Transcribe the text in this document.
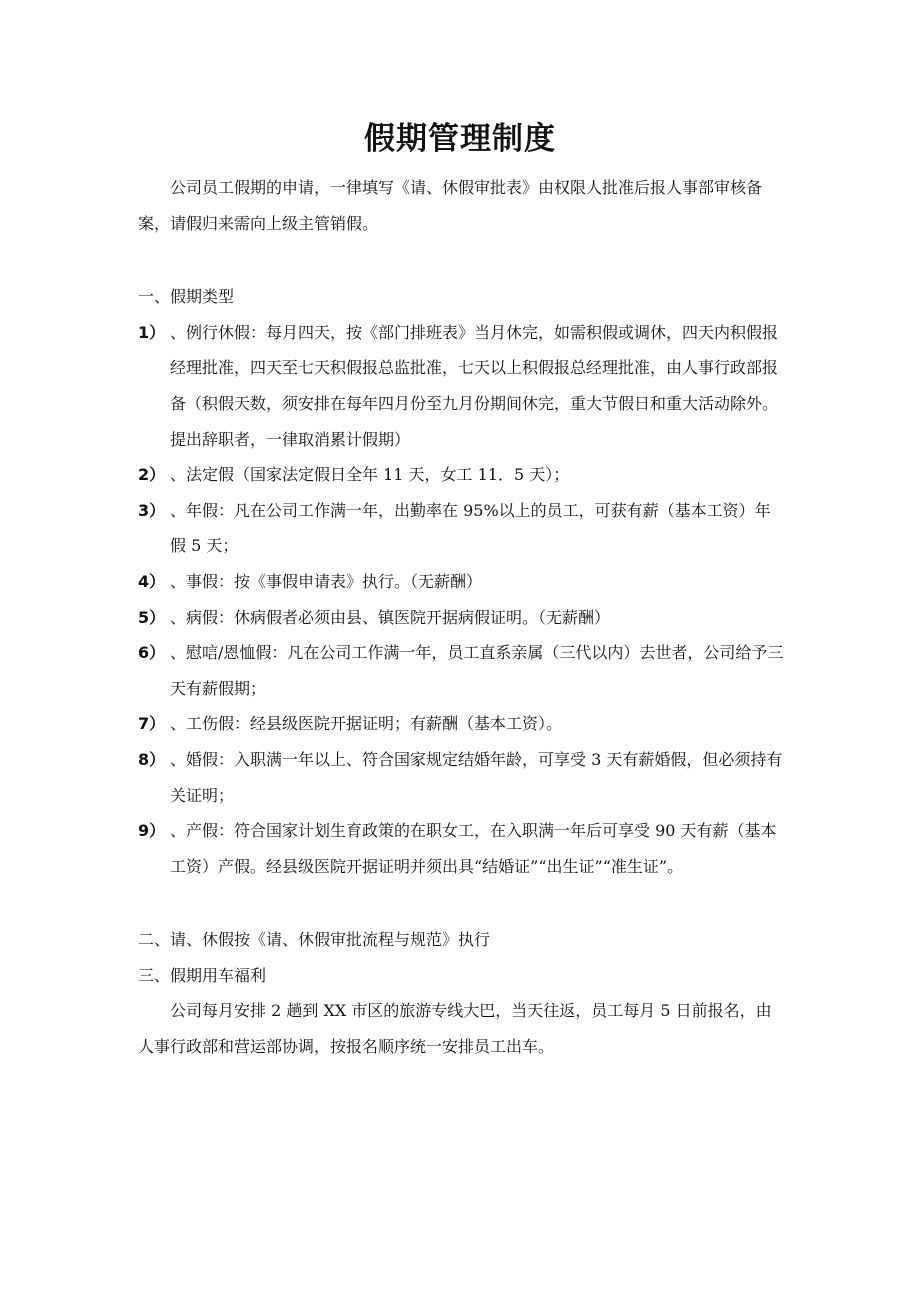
假期管理制度

公司员工假期的申请，一律填写《请、休假审批表》由权限人批准后报人事部审核备案，请假归来需向上级主管销假。

一、假期类型

1） 、例行休假：每月四天，按《部门排班表》当月休完，如需积假或调休，四天内积假报经理批准，四天至七天积假报总监批准，七天以上积假报总经理批准，由人事行政部报备（积假天数，须安排在每年四月份至九月份期间休完，重大节假日和重大活动除外。提出辞职者，一律取消累计假期）
2） 、法定假（国家法定假日全年 11 天，女工 11．5 天）；
3） 、年假：凡在公司工作满一年，出勤率在 95%以上的员工，可获有薪（基本工资）年假 5 天；
4） 、事假：按《事假申请表》执行。（无薪酬）
5） 、病假：休病假者必须由县、镇医院开据病假证明。（无薪酬）
6） 、慰唁/恩恤假：凡在公司工作满一年，员工直系亲属（三代以内）去世者，公司给予三天有薪假期；
7） 、工伤假：经县级医院开据证明；有薪酬（基本工资）。
8） 、婚假：入职满一年以上、符合国家规定结婚年龄，可享受 3 天有薪婚假，但必须持有关证明；
9） 、产假：符合国家计划生育政策的在职女工，在入职满一年后可享受 90 天有薪（基本工资）产假。经县级医院开据证明并须出具“结婚证”“出生证”“准生证”。

二、请、休假按《请、休假审批流程与规范》执行

三、假期用车福利

公司每月安排 2 趟到 XX 市区的旅游专线大巴，当天往返，员工每月 5 日前报名，由人事行政部和营运部协调，按报名顺序统一安排员工出车。
